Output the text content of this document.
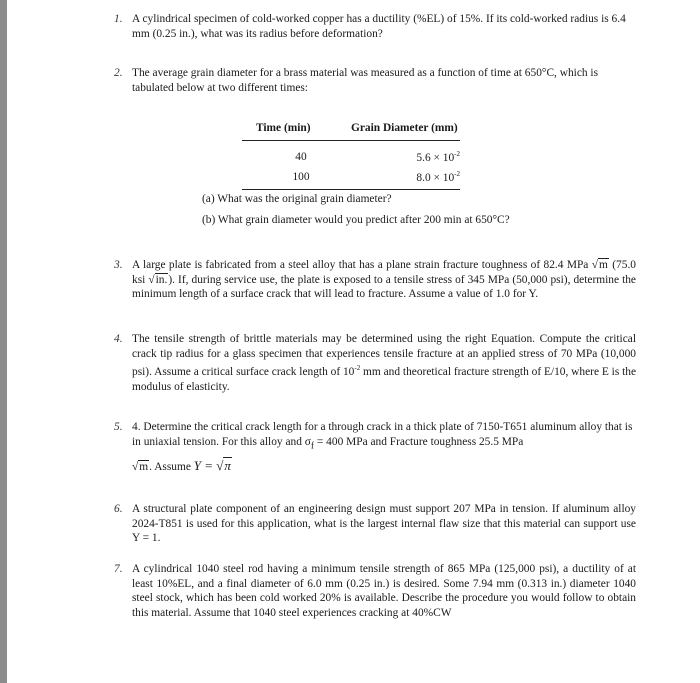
1. A cylindrical specimen of cold-worked copper has a ductility (%EL) of 15%. If its cold-worked radius is 6.4 mm (0.25 in.), what was its radius before deformation?
2. The average grain diameter for a brass material was measured as a function of time at 650°C, which is tabulated below at two different times:
Time (min)	Grain Diameter (mm)
40	$5.6 \times 10^{-2}$
100	$8.0 \times 10^{-2}$
(a) What was the original grain diameter?
(b) What grain diameter would you predict after 200 min at 650°C?
3. A large plate is fabricated from a steel alloy that has a plane strain fracture toughness of 82.4 MPa √m (75.0 ksi √in.). If, during service use, the plate is exposed to a tensile stress of 345 MPa (50,000 psi), determine the minimum length of a surface crack that will lead to fracture. Assume a value of 1.0 for Y.
4. The tensile strength of brittle materials may be determined using the right Equation. Compute the critical crack tip radius for a glass specimen that experiences tensile fracture at an applied stress of 70 MPa (10,000 psi). Assume a critical surface crack length of $10^{-2}$ mm and theoretical fracture strength of E/10, where E is the modulus of elasticity.
5. 4. Determine the critical crack length for a through crack in a thick plate of 7150-T651 aluminum alloy that is in uniaxial tension. For this alloy and $\sigma_f = 400$ MPa and Fracture toughness 25.5 MPa
√m. Assume Y = √π
6. A structural plate component of an engineering design must support 207 MPa in tension. If aluminum alloy 2024-T851 is used for this application, what is the largest internal flaw size that this material can support use Y = 1.
7. A cylindrical 1040 steel rod having a minimum tensile strength of 865 MPa (125,000 psi), a ductility of at least 10%EL, and a final diameter of 6.0 mm (0.25 in.) is desired. Some 7.94 mm (0.313 in.) diameter 1040 steel stock, which has been cold worked 20% is available. Describe the procedure you would follow to obtain this material. Assume that 1040 steel experiences cracking at 40%CW
